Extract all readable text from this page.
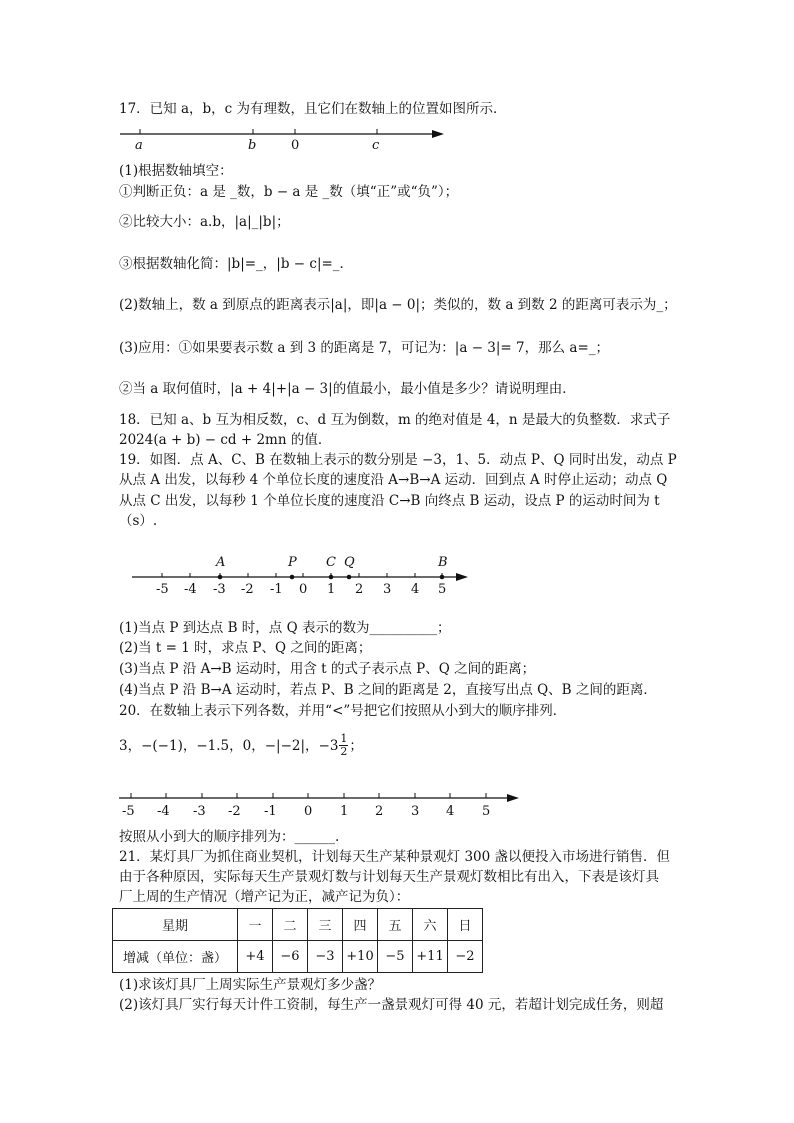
17．已知 a，b，c 为有理数，且它们在数轴上的位置如图所示．
a	b	0	c
(1)根据数轴填空：
①判断正负：a 是 _数，b − a 是 _数（填“正”或“负”）；
②比较大小：a.b，|a|_|b|；
③根据数轴化简：|b|=_，|b − c|=_．
(2)数轴上，数 a 到原点的距离表示|a|，即|a − 0|；类似的，数 a 到数 2 的距离可表示为_；
(3)应用：①如果要表示数 a 到 3 的距离是 7，可记为：|a − 3|= 7，那么 a=_；
②当 a 取何值时，|a + 4|+|a − 3|的值最小，最小值是多少？请说明理由．
18．已知 a、b 互为相反数，c、d 互为倒数，m 的绝对值是 4，n 是最大的负整数．求式子
2024(a + b) − cd + 2mn 的值．
19．如图．点 A、C、B 在数轴上表示的数分别是 −3，1、5．动点 P、Q 同时出发，动点 P
从点 A 出发，以每秒 4 个单位长度的速度沿 A→B→A 运动．回到点 A 时停止运动；动点 Q
从点 C 出发，以每秒 1 个单位长度的速度沿 C→B 向终点 B 运动，设点 P 的运动时间为 t
（s）.
A	P C Q	B
-5 -4 -3 -2 -1 0 1 2 3 4 5
(1)当点 P 到达点 B 时，点 Q 表示的数为__________；
(2)当 t = 1 时，求点 P、Q 之间的距离；
(3)当点 P 沿 A→B 运动时，用含 t 的式子表示点 P、Q 之间的距离；
(4)当点 P 沿 B→A 运动时，若点 P、B 之间的距离是 2，直接写出点 Q、B 之间的距离．
20．在数轴上表示下列各数，并用“<”号把它们按照从小到大的顺序排列．
3，−(−1)，−1.5，0，−|−2|，$-3 \frac{1}{2}$ ；
-5 -4 -3 -2 -1 0 1 2 3 4 5
按照从小到大的顺序排列为：______.
21．某灯具厂为抓住商业契机，计划每天生产某种景观灯 300 盏以便投入市场进行销售．但
由于各种原因，实际每天生产景观灯数与计划每天生产景观灯数相比有出入，下表是该灯具
厂上周的生产情况（增产记为正，减产记为负）：
星期	一	二	三	四	五	六	日
增减（单位：盏）	+4	−6	−3	+10	−5	+11	−2
(1)求该灯具厂上周实际生产景观灯多少盏？
(2)该灯具厂实行每天计件工资制，每生产一盏景观灯可得 40 元，若超计划完成任务，则超
